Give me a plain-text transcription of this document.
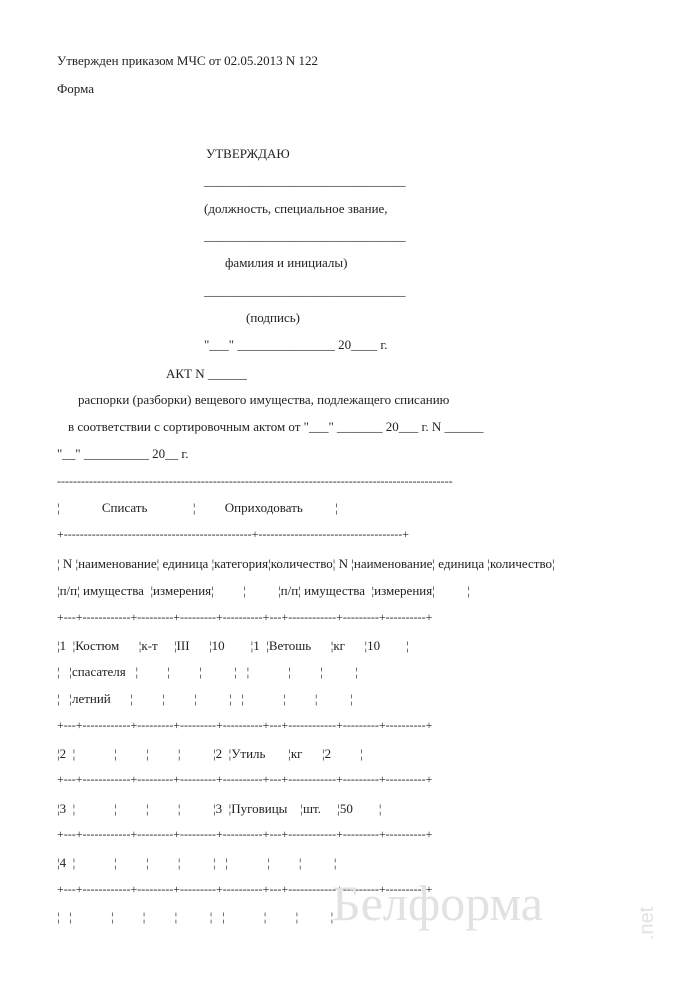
Утвержден приказом МЧС от 02.05.2013 N 122
Форма
УТВЕРЖДАЮ
_______________________________
(должность, специальное звание,
_______________________________
фамилия и инициалы)
_______________________________
(подпись)
"___" _______________ 20____ г.
АКТ N ______
распорки (разборки) вещевого имущества, подлежащего списанию
в соответствии с сортировочным актом от "___" _______ 20___ г. N ______
"__" __________ 20__ г.
---------------------------------------------------------------------------------------------------
¦             Списать              ¦         Оприходовать          ¦
+-----------------------------------------------+------------------------------------+
¦ N ¦наименование¦ единица ¦категория¦количество¦ N ¦наименование¦ единица ¦количество¦
¦п/п¦ имущества  ¦измерения¦         ¦          ¦п/п¦ имущества  ¦измерения¦          ¦
+---+------------+---------+---------+----------+---+------------+---------+----------+
¦1  ¦Костюм      ¦к-т     ¦III      ¦10        ¦1  ¦Ветошь      ¦кг      ¦10        ¦
¦   ¦спасателя   ¦         ¦         ¦          ¦   ¦            ¦         ¦          ¦
¦   ¦летний      ¦         ¦         ¦          ¦   ¦            ¦         ¦          ¦
+---+------------+---------+---------+----------+---+------------+---------+----------+
¦2  ¦            ¦         ¦         ¦          ¦2  ¦Утиль       ¦кг      ¦2         ¦
+---+------------+---------+---------+----------+---+------------+---------+----------+
¦3  ¦            ¦         ¦         ¦          ¦3  ¦Пуговицы    ¦шт.     ¦50        ¦
+---+------------+---------+---------+----------+---+------------+---------+----------+
¦4  ¦            ¦         ¦         ¦          ¦   ¦            ¦         ¦          ¦
+---+------------+---------+---------+----------+---+------------+---------+----------+
¦   ¦            ¦         ¦         ¦          ¦   ¦            ¦         ¦          ¦
Белформа	.net
